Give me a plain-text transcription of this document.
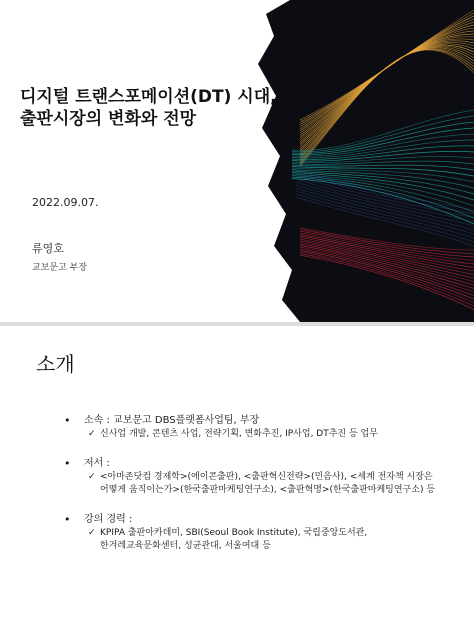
디지털 트랜스포메이션(DT) 시대,
출판시장의 변화와 전망
2022.09.07.
류영호
교보문고 부장
소개
• 소속 : 교보문고 DBS플랫폼사업팀, 부장
✓ 신사업 개발, 콘텐츠 사업, 전략기획, 변화추진, IP사업, DT추진 등 업무
• 저서 :
✓ <아마존닷컴 경제학>(에이콘출판), <출판혁신전략>(민음사), <세계 전자책 시장은
어떻게 움직이는가>(한국출판마케팅연구소), <출판혁명>(한국출판마케팅연구소) 등
• 강의 경력 :
✓ KPIPA 출판아카데미, SBI(Seoul Book Institute), 국립중앙도서관,
한겨레교육문화센터, 성균관대, 서울여대 등
